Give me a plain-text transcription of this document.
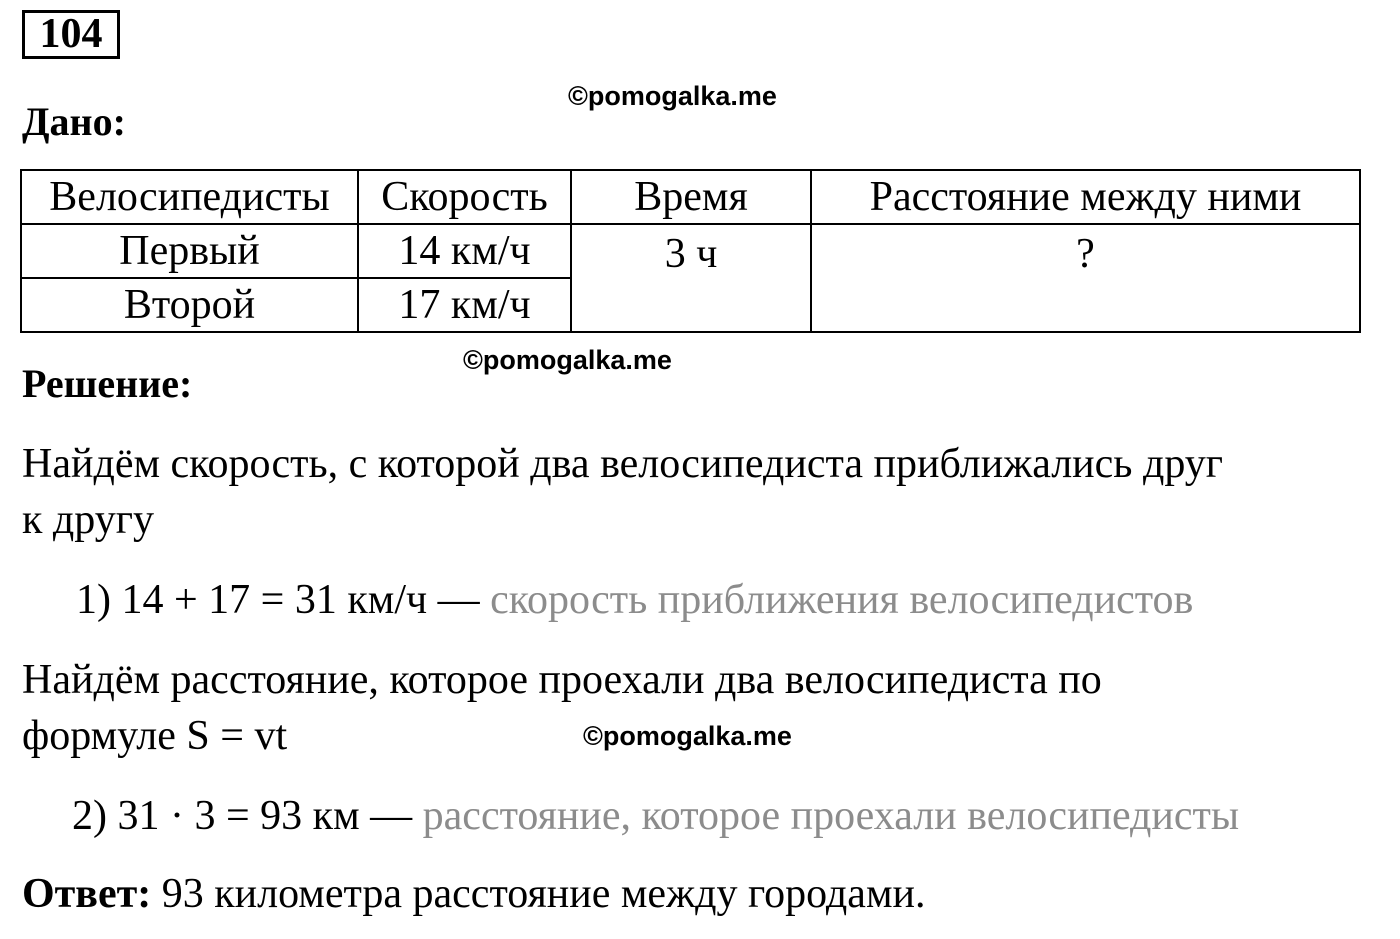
104
Дано:
©pomogalka.me
Велосипедисты	Скорость	Время	Расстояние между ними
Первый	14 км/ч	3 ч	?
Второй	17 км/ч		
Решение:
©pomogalka.me
Найдём скорость, с которой два велосипедиста приближались друг
к другу
1) 14 + 17 = 31 км/ч — скорость приближения велосипедистов
Найдём расстояние, которое проехали два велосипедиста по
формуле S = vt	©pomogalka.me
2) 31 · 3 = 93 км — расстояние, которое проехали велосипедисты
Ответ: 93 километра расстояние между городами.
